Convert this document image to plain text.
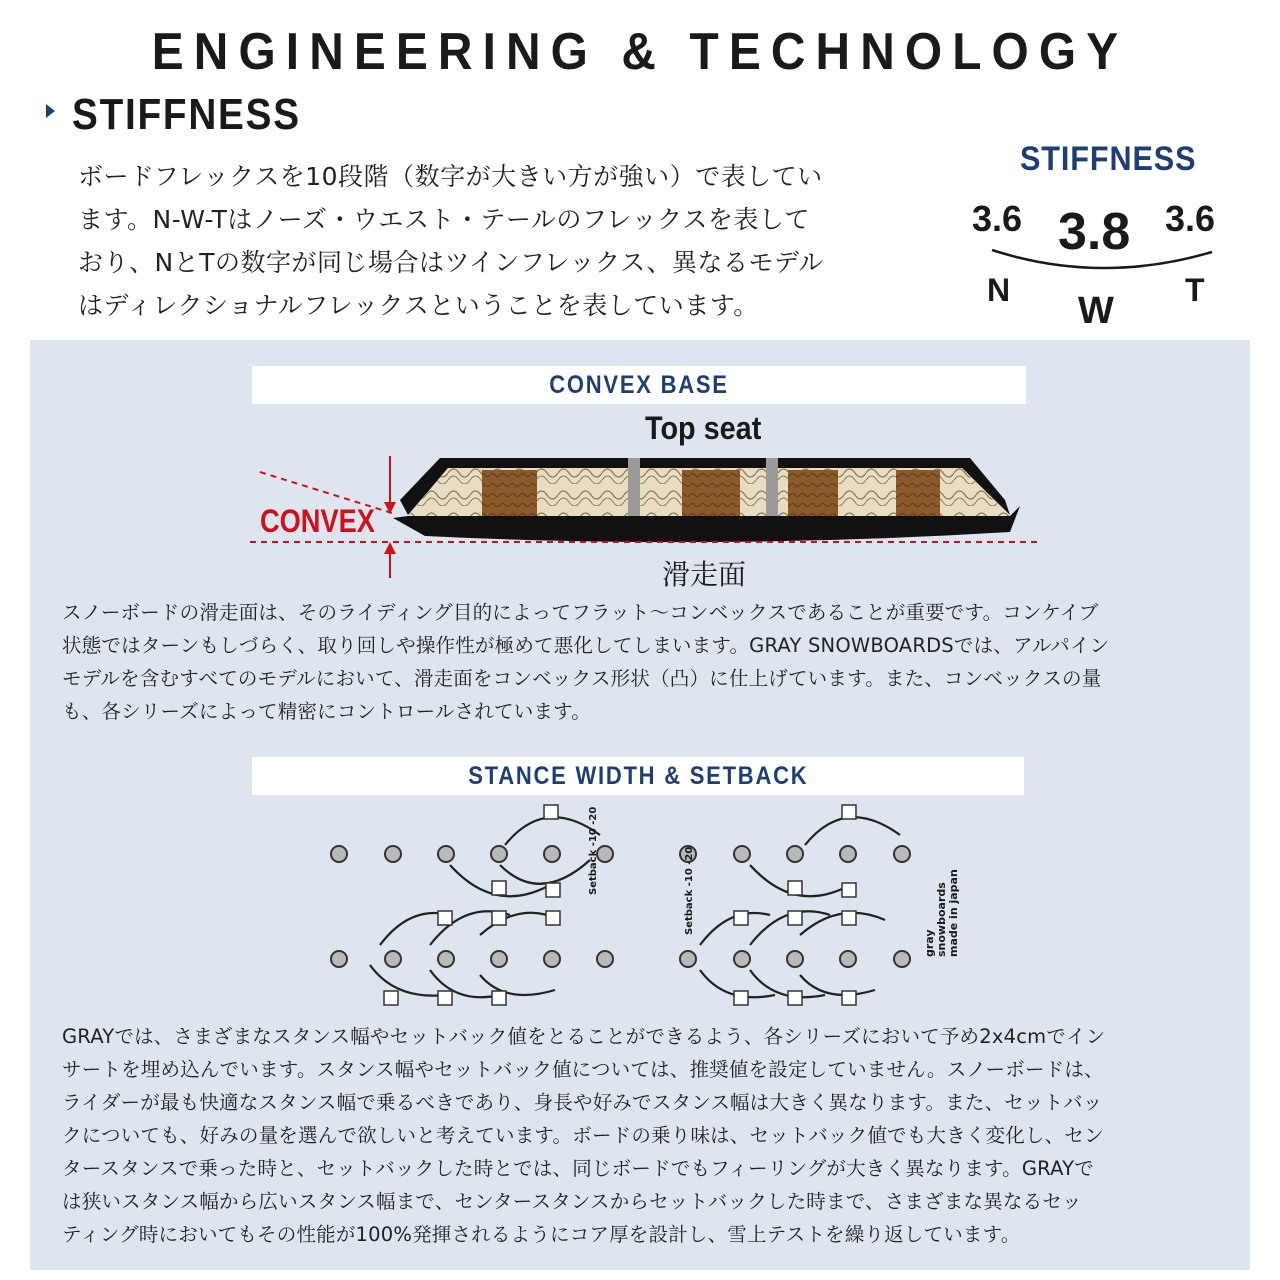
ENGINEERING & TECHNOLOGY
STIFFNESS
ボードフレックスを10段階（数字が大きい方が強い）で表してい
ます。N-W-Tはノーズ・ウエスト・テールのフレックスを表して
おり、NとTの数字が同じ場合はツインフレックス、異なるモデル
はディレクショナルフレックスということを表しています。
STIFFNESS
3.6 3.8 3.6
N W T
CONVEX BASE
Top seat
CONVEX
滑走面
スノーボードの滑走面は、そのライディング目的によってフラット～コンベックスであることが重要です。コンケイブ
状態ではターンもしづらく、取り回しや操作性が極めて悪化してしまいます。GRAY SNOWBOARDSでは、アルパイン
モデルを含むすべてのモデルにおいて、滑走面をコンベックス形状（凸）に仕上げています。また、コンベックスの量
も、各シリーズによって精密にコントロールされています。
STANCE WIDTH & SETBACK
Setback -10 -20	Setback -10 -20
gray snowboards made in japan
GRAYでは、さまざまなスタンス幅やセットバック値をとることができるよう、各シリーズにおいて予め2x4cmでイン
サートを埋め込んでいます。スタンス幅やセットバック値については、推奨値を設定していません。スノーボードは、
ライダーが最も快適なスタンス幅で乗るべきであり、身長や好みでスタンス幅は大きく異なります。また、セットバッ
クについても、好みの量を選んで欲しいと考えています。ボードの乗り味は、セットバック値でも大きく変化し、セン
タースタンスで乗った時と、セットバックした時とでは、同じボードでもフィーリングが大きく異なります。GRAYで
は狭いスタンス幅から広いスタンス幅まで、センタースタンスからセットバックした時まで、さまざまな異なるセッ
ティング時においてもその性能が100%発揮されるようにコア厚を設計し、雪上テストを繰り返しています。
